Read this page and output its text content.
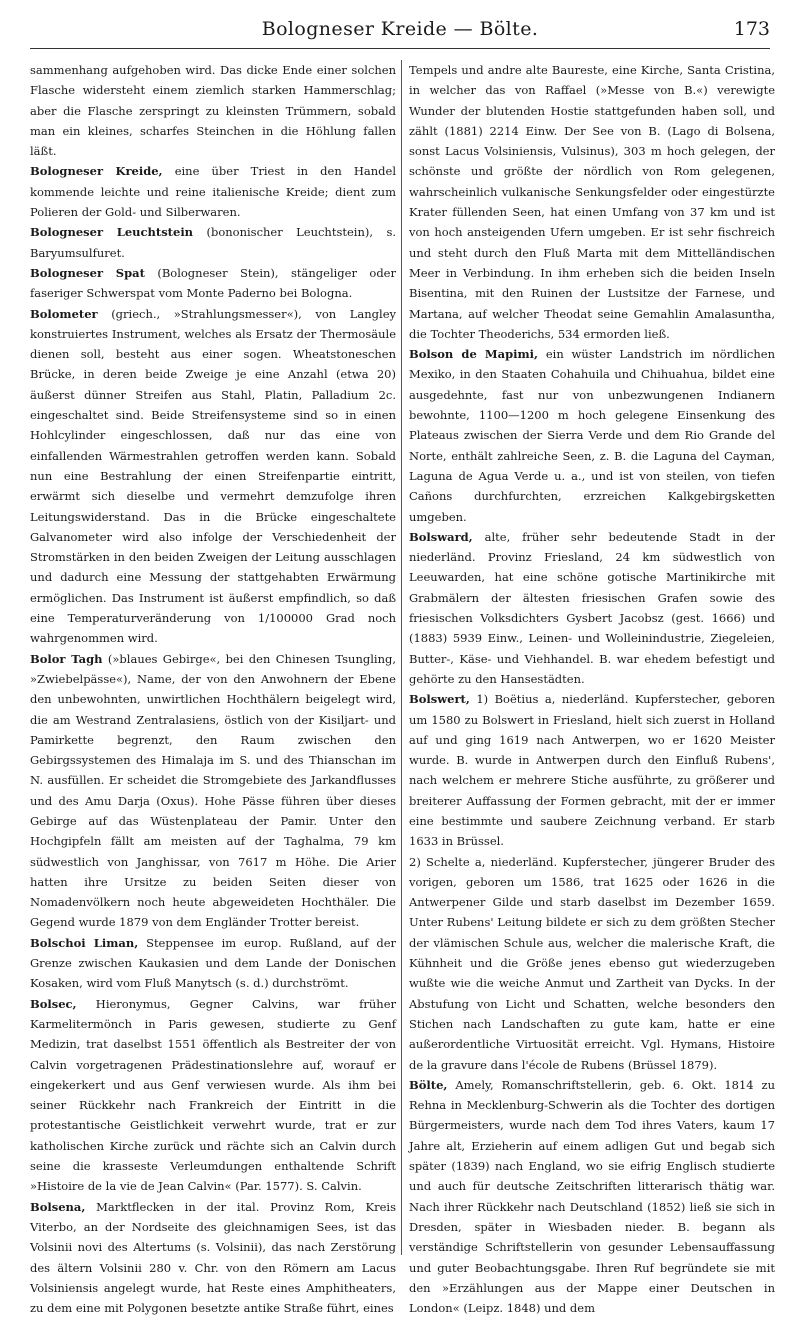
Bologneser Kreide — Bölte.	173

sammenhang aufgehoben wird. Das dicke Ende einer solchen Flasche widersteht einem ziemlich starken Hammerschlag; aber die Flasche zerspringt zu kleinsten Trümmern, sobald man ein kleines, scharfes Steinchen in die Höhlung fallen läßt.

Bologneser Kreide, eine über Triest in den Handel kommende leichte und reine italienische Kreide; dient zum Polieren der Gold- und Silberwaren.

Bologneser Leuchtstein (bononischer Leuchtstein), s. Baryumsulfuret.

Bologneser Spat (Bologneser Stein), stängeliger oder faseriger Schwerspat vom Monte Paderno bei Bologna.

Bolometer (griech., »Strahlungsmesser«), von Langley konstruiertes Instrument, welches als Ersatz der Thermosäule dienen soll, besteht aus einer sogen. Wheatstoneschen Brücke, in deren beide Zweige je eine Anzahl (etwa 20) äußerst dünner Streifen aus Stahl, Platin, Palladium 2c. eingeschaltet sind. Beide Streifensysteme sind so in einen Hohlcylinder eingeschlossen, daß nur das eine von einfallenden Wärmestrahlen getroffen werden kann. Sobald nun eine Bestrahlung der einen Streifenpartie eintritt, erwärmt sich dieselbe und vermehrt demzufolge ihren Leitungswiderstand. Das in die Brücke eingeschaltete Galvanometer wird also infolge der Verschiedenheit der Stromstärken in den beiden Zweigen der Leitung ausschlagen und dadurch eine Messung der stattgehabten Erwärmung ermöglichen. Das Instrument ist äußerst empfindlich, so daß eine Temperaturveränderung von 1/100000 Grad noch wahrgenommen wird.

Bolor Tagh (»blaues Gebirge«, bei den Chinesen Tsungling, »Zwiebelpässe«), Name, der von den Anwohnern der Ebene den unbewohnten, unwirtlichen Hochthälern beigelegt wird, die am Westrand Zentralasiens, östlich von der Kisiljart- und Pamirkette begrenzt, den Raum zwischen den Gebirgssystemen des Himalaja im S. und des Thianschan im N. ausfüllen. Er scheidet die Stromgebiete des Jarkandflusses und des Amu Darja (Oxus). Hohe Pässe führen über dieses Gebirge auf das Wüstenplateau der Pamir. Unter den Hochgipfeln fällt am meisten auf der Taghalma, 79 km südwestlich von Janghissar, von 7617 m Höhe. Die Arier hatten ihre Ursitze zu beiden Seiten dieser von Nomadenvölkern noch heute abgeweideten Hochthäler. Die Gegend wurde 1879 von dem Engländer Trotter bereist.

Bolschoi Liman, Steppensee im europ. Rußland, auf der Grenze zwischen Kaukasien und dem Lande der Donischen Kosaken, wird vom Fluß Manytsch (s. d.) durchströmt.

Bolsec, Hieronymus, Gegner Calvins, war früher Karmelitermönch in Paris gewesen, studierte zu Genf Medizin, trat daselbst 1551 öffentlich als Bestreiter der von Calvin vorgetragenen Prädestinationslehre auf, worauf er eingekerkert und aus Genf verwiesen wurde. Als ihm bei seiner Rückkehr nach Frankreich der Eintritt in die protestantische Geistlichkeit verwehrt wurde, trat er zur katholischen Kirche zurück und rächte sich an Calvin durch seine die krasseste Verleumdungen enthaltende Schrift »Histoire de la vie de Jean Calvin« (Par. 1577). S. Calvin.

Bolsena, Marktflecken in der ital. Provinz Rom, Kreis Viterbo, an der Nordseite des gleichnamigen Sees, ist das Volsinii novi des Altertums (s. Volsinii), das nach Zerstörung des ältern Volsinii 280 v. Chr. von den Römern am Lacus Volsiniensis angelegt wurde, hat Reste eines Amphitheaters, zu dem eine mit Polygonen besetzte antike Straße führt, eines

Tempels und andre alte Baureste, eine Kirche, Santa Cristina, in welcher das von Raffael (»Messe von B.«) verewigte Wunder der blutenden Hostie stattgefunden haben soll, und zählt (1881) 2214 Einw. Der See von B. (Lago di Bolsena, sonst Lacus Volsiniensis, Vulsinus), 303 m hoch gelegen, der schönste und größte der nördlich von Rom gelegenen, wahrscheinlich vulkanische Senkungsfelder oder eingestürzte Krater füllenden Seen, hat einen Umfang von 37 km und ist von hoch ansteigenden Ufern umgeben. Er ist sehr fischreich und steht durch den Fluß Marta mit dem Mittelländischen Meer in Verbindung. In ihm erheben sich die beiden Inseln Bisentina, mit den Ruinen der Lustsitze der Farnese, und Martana, auf welcher Theodat seine Gemahlin Amalasuntha, die Tochter Theoderichs, 534 ermorden ließ.

Bolson de Mapimi, ein wüster Landstrich im nördlichen Mexiko, in den Staaten Cohahuila und Chihuahua, bildet eine ausgedehnte, fast nur von unbezwungenen Indianern bewohnte, 1100—1200 m hoch gelegene Einsenkung des Plateaus zwischen der Sierra Verde und dem Rio Grande del Norte, enthält zahlreiche Seen, z. B. die Laguna del Cayman, Laguna de Agua Verde u. a., und ist von steilen, von tiefen Cañons durchfurchten, erzreichen Kalkgebirgsketten umgeben.

Bolsward, alte, früher sehr bedeutende Stadt in der niederländ. Provinz Friesland, 24 km südwestlich von Leeuwarden, hat eine schöne gotische Martinikirche mit Grabmälern der ältesten friesischen Grafen sowie des friesischen Volksdichters Gysbert Jacobsz (gest. 1666) und (1883) 5939 Einw., Leinen- und Wolleinindustrie, Ziegeleien, Butter-, Käse- und Viehhandel. B. war ehedem befestigt und gehörte zu den Hansestädten.

Bolswert, 1) Boëtius a, niederländ. Kupferstecher, geboren um 1580 zu Bolswert in Friesland, hielt sich zuerst in Holland auf und ging 1619 nach Antwerpen, wo er 1620 Meister wurde. B. wurde in Antwerpen durch den Einfluß Rubens', nach welchem er mehrere Stiche ausführte, zu größerer und breiterer Auffassung der Formen gebracht, mit der er immer eine bestimmte und saubere Zeichnung verband. Er starb 1633 in Brüssel.

2) Schelte a, niederländ. Kupferstecher, jüngerer Bruder des vorigen, geboren um 1586, trat 1625 oder 1626 in die Antwerpener Gilde und starb daselbst im Dezember 1659. Unter Rubens' Leitung bildete er sich zu dem größten Stecher der vlämischen Schule aus, welcher die malerische Kraft, die Kühnheit und die Größe jenes ebenso gut wiederzugeben wußte wie die weiche Anmut und Zartheit van Dycks. In der Abstufung von Licht und Schatten, welche besonders den Stichen nach Landschaften zu gute kam, hatte er eine außerordentliche Virtuosität erreicht. Vgl. Hymans, Histoire de la gravure dans l'école de Rubens (Brüssel 1879).

Bölte, Amely, Romanschriftstellerin, geb. 6. Okt. 1814 zu Rehna in Mecklenburg-Schwerin als die Tochter des dortigen Bürgermeisters, wurde nach dem Tod ihres Vaters, kaum 17 Jahre alt, Erzieherin auf einem adligen Gut und begab sich später (1839) nach England, wo sie eifrig Englisch studierte und auch für deutsche Zeitschriften litterarisch thätig war. Nach ihrer Rückkehr nach Deutschland (1852) ließ sie sich in Dresden, später in Wiesbaden nieder. B. begann als verständige Schriftstellerin von gesunder Lebensauffassung und guter Beobachtungsgabe. Ihren Ruf begründete sie mit den »Erzählungen aus der Mappe einer Deutschen in London« (Leipz. 1848) und dem
